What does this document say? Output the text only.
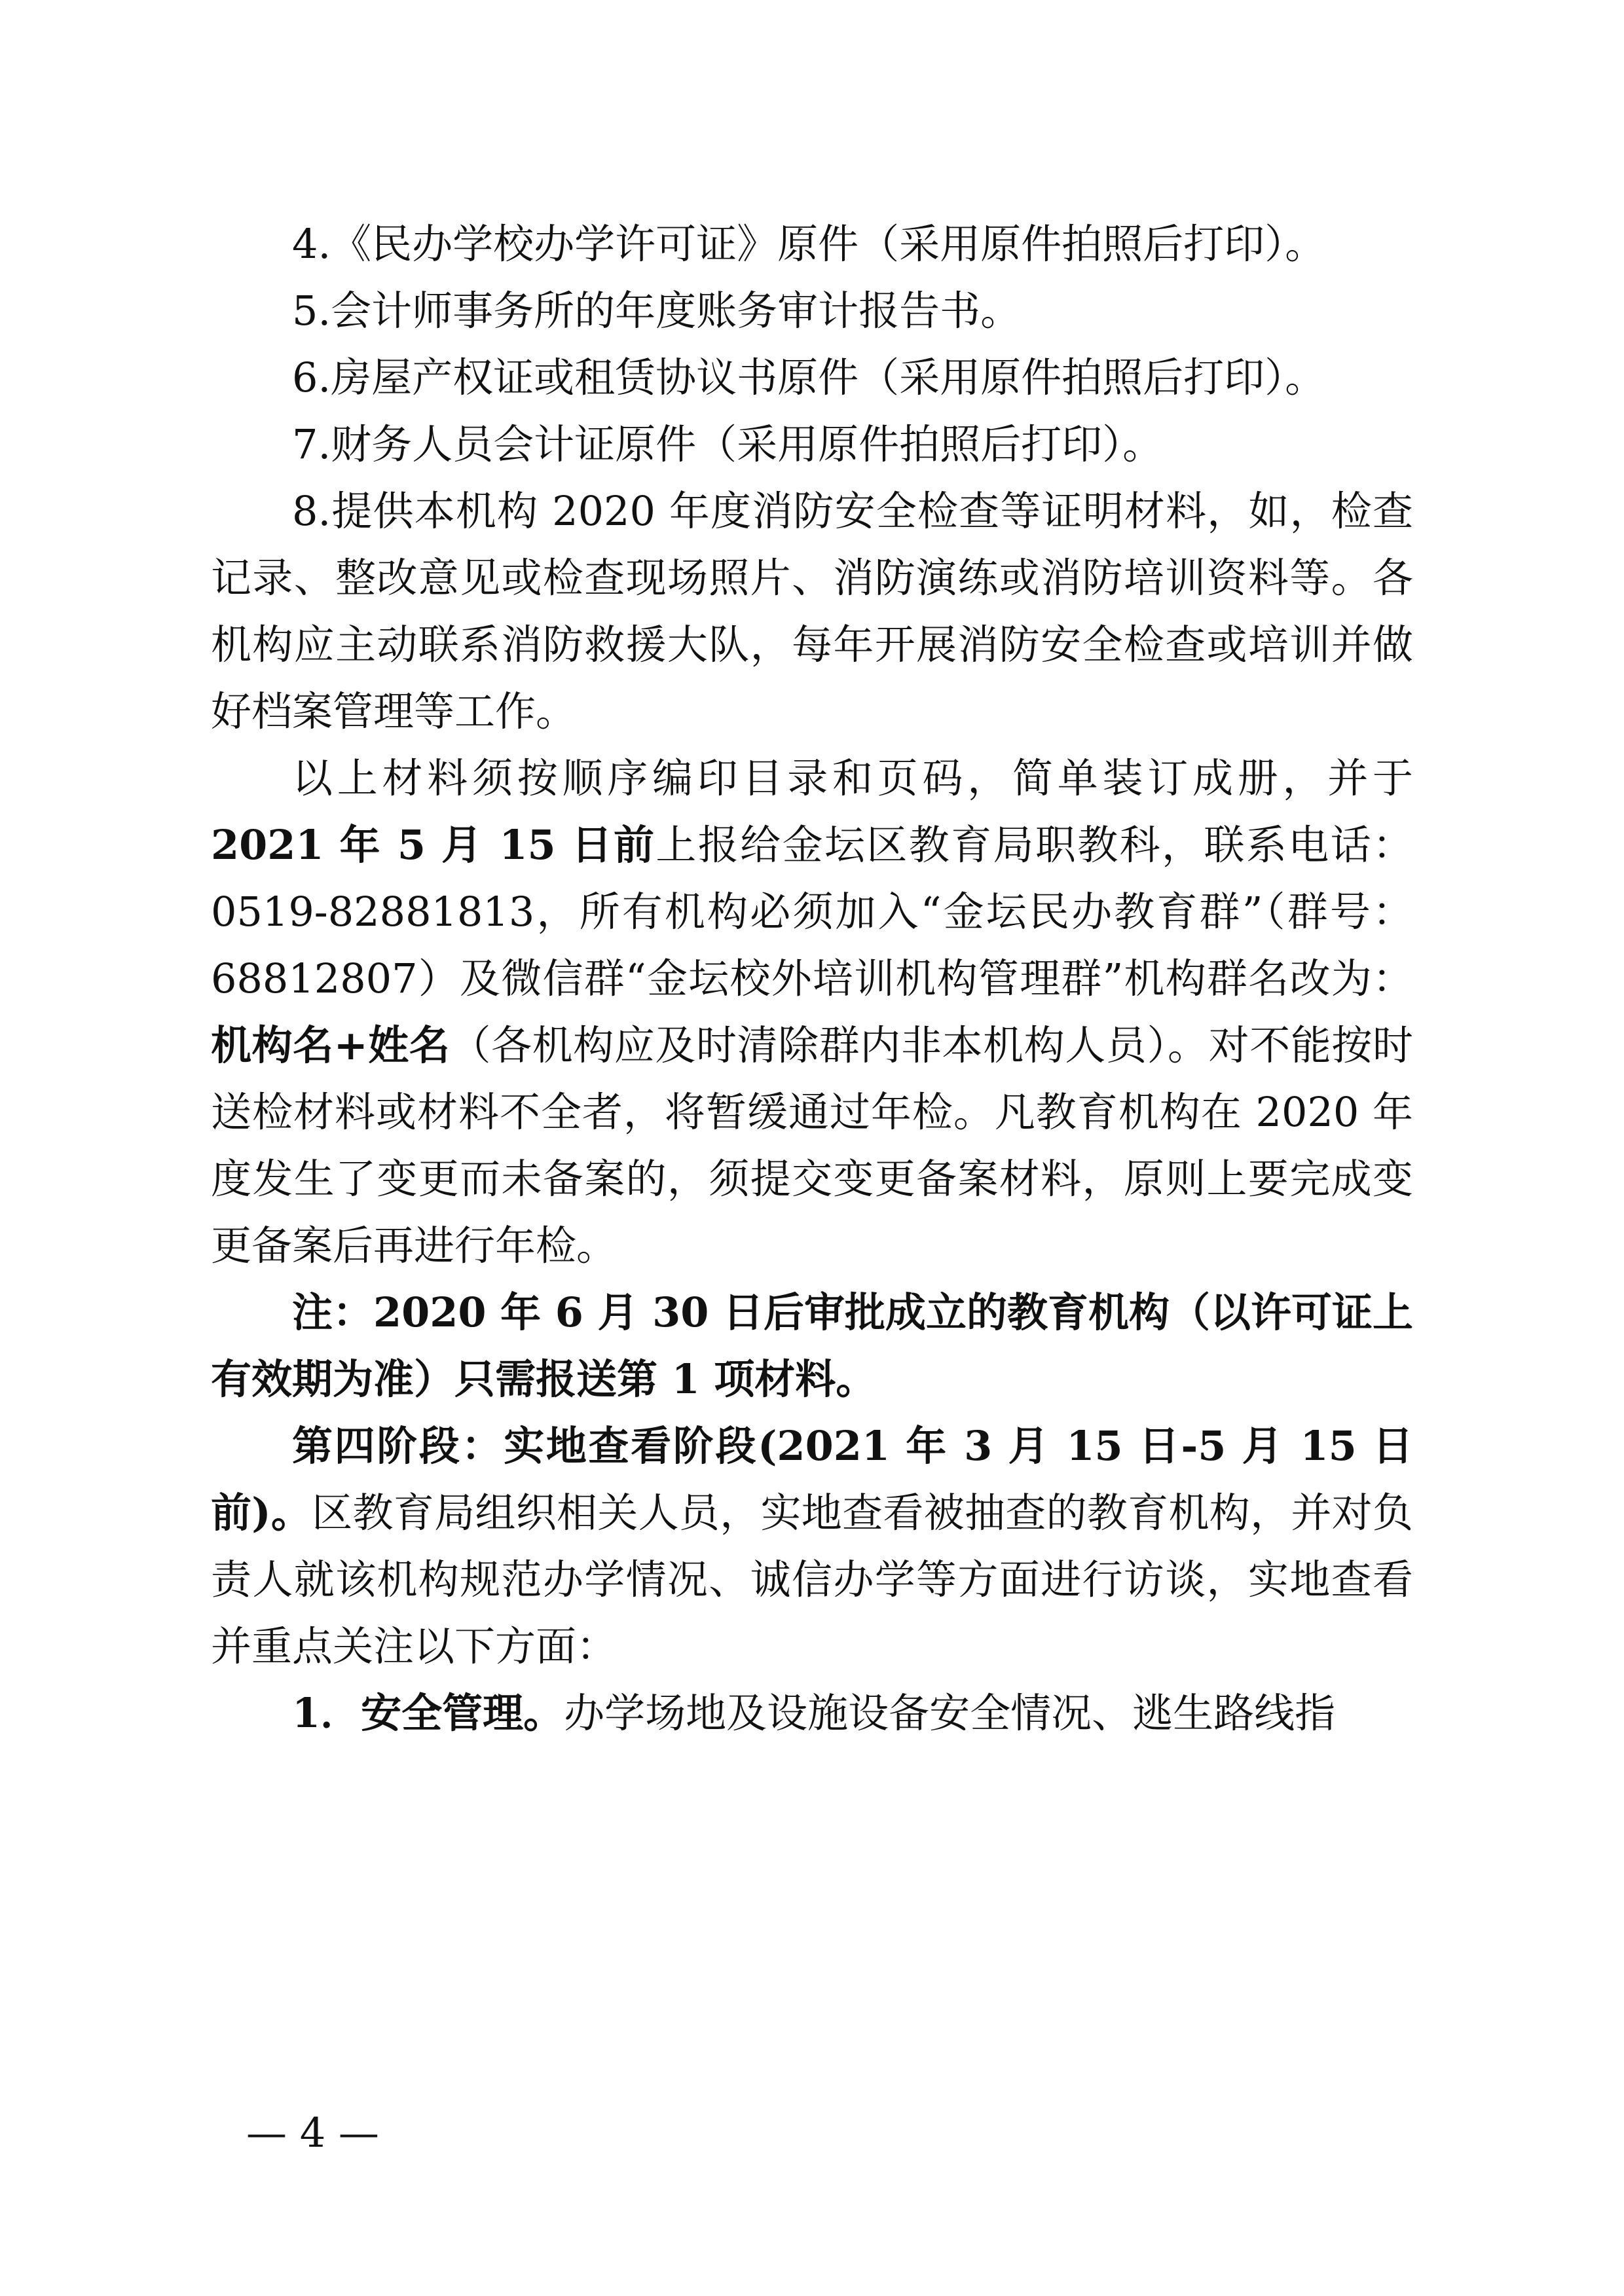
4.《民办学校办学许可证》原件（采用原件拍照后打印）。

5.会计师事务所的年度账务审计报告书。

6.房屋产权证或租赁协议书原件（采用原件拍照后打印）。

7.财务人员会计证原件（采用原件拍照后打印）。

8.提供本机构 2020 年度消防安全检查等证明材料，如，检查记录、整改意见或检查现场照片、消防演练或消防培训资料等。各机构应主动联系消防救援大队，每年开展消防安全检查或培训并做好档案管理等工作。

以上材料须按顺序编印目录和页码，简单装订成册，并于2021 年 5 月 15 日前上报给金坛区教育局职教科，联系电话：0519-82881813，所有机构必须加入“金坛民办教育群”（群号：68812807）及微信群“金坛校外培训机构管理群”机构群名改为：机构名+姓名（各机构应及时清除群内非本机构人员）。对不能按时送检材料或材料不全者，将暂缓通过年检。凡教育机构在 2020 年度发生了变更而未备案的，须提交变更备案材料，原则上要完成变更备案后再进行年检。

注：2020 年 6 月 30 日后审批成立的教育机构（以许可证上有效期为准）只需报送第 1 项材料。

第四阶段：实地查看阶段(2021 年 3 月 15 日-5 月 15 日前)。区教育局组织相关人员，实地查看被抽查的教育机构，并对负责人就该机构规范办学情况、诚信办学等方面进行访谈，实地查看并重点关注以下方面：

1．安全管理。办学场地及设施设备安全情况、逃生路线指

— 4 —
